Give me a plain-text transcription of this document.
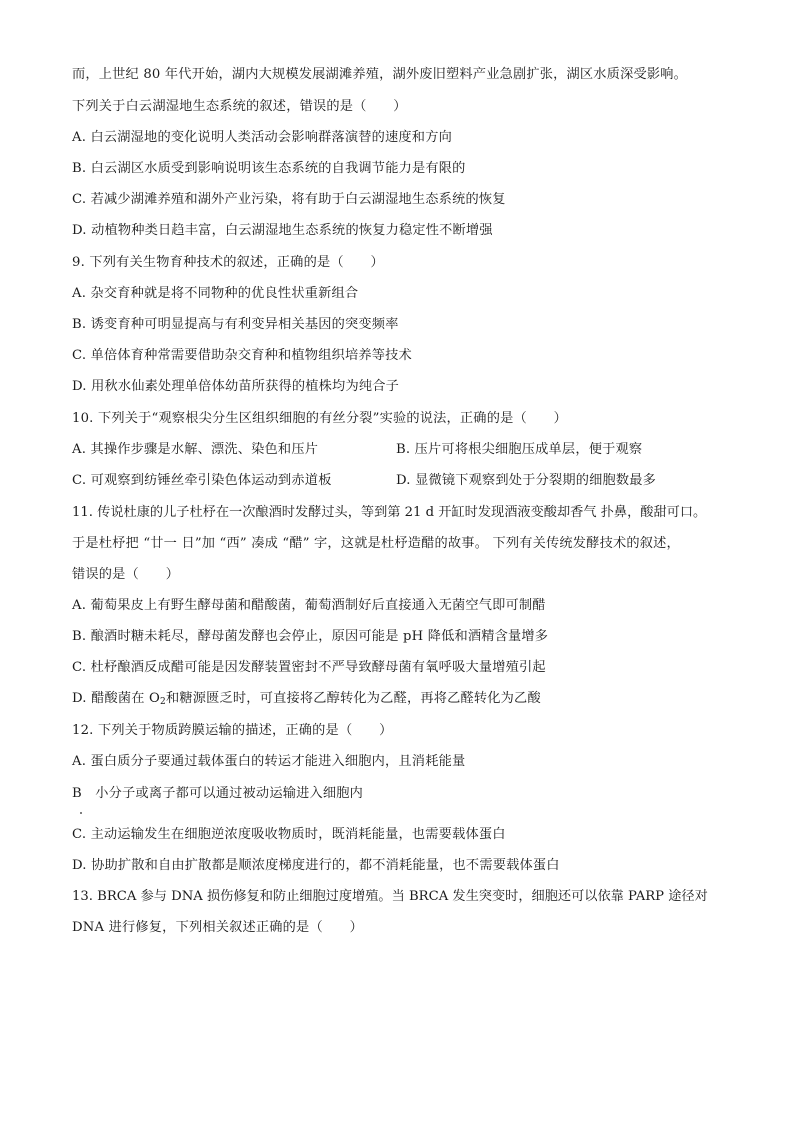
而，上世纪 80 年代开始，湖内大规模发展湖滩养殖，湖外废旧塑料产业急剧扩张，湖区水质深受影响。
下列关于白云湖湿地生态系统的叙述，错误的是（　　）
A. 白云湖湿地的变化说明人类活动会影响群落演替的速度和方向
B. 白云湖区水质受到影响说明该生态系统的自我调节能力是有限的
C. 若减少湖滩养殖和湖外产业污染，将有助于白云湖湿地生态系统的恢复
D. 动植物种类日趋丰富，白云湖湿地生态系统的恢复力稳定性不断增强
9. 下列有关生物育种技术的叙述，正确的是（　　）
A. 杂交育种就是将不同物种的优良性状重新组合
B. 诱变育种可明显提高与有利变异相关基因的突变频率
C. 单倍体育种常需要借助杂交育种和植物组织培养等技术
D. 用秋水仙素处理单倍体幼苗所获得的植株均为纯合子
10. 下列关于“观察根尖分生区组织细胞的有丝分裂”实验的说法，正确的是（　　）
A. 其操作步骤是水解、漂洗、染色和压片	B. 压片可将根尖细胞压成单层，便于观察
C. 可观察到纺锤丝牵引染色体运动到赤道板	D. 显微镜下观察到处于分裂期的细胞数最多
11. 传说杜康的儿子杜杼在一次酿酒时发酵过头，等到第 21 d 开缸时发现酒液变酸却香气 扑鼻，酸甜可口。
于是杜杼把 “廿一 日”加 “西” 凑成 “醋” 字，这就是杜杼造醋的故事。 下列有关传统发酵技术的叙述，
错误的是（　　）
A. 葡萄果皮上有野生酵母菌和醋酸菌，葡萄酒制好后直接通入无菌空气即可制醋
B. 酿酒时糖未耗尽，酵母菌发酵也会停止，原因可能是 pH 降低和酒精含量增多
C. 杜杼酿酒反成醋可能是因发酵装置密封不严导致酵母菌有氧呼吸大量增殖引起
D. 醋酸菌在 $O_2$和糖源匮乏时，可直接将乙醇转化为乙醛，再将乙醛转化为乙酸
12. 下列关于物质跨膜运输的描述，正确的是（　　）
A. 蛋白质分子要通过载体蛋白的转运才能进入细胞内，且消耗能量
B　小分子或离子都可以通过被动运输进入细胞内
C. 主动运输发生在细胞逆浓度吸收物质时，既消耗能量，也需要载体蛋白
D. 协助扩散和自由扩散都是顺浓度梯度进行的，都不消耗能量，也不需要载体蛋白
13. BRCA 参与 DNA 损伤修复和防止细胞过度增殖。当 BRCA 发生突变时，细胞还可以依靠 PARP 途径对
DNA 进行修复，下列相关叙述正确的是（　　）
